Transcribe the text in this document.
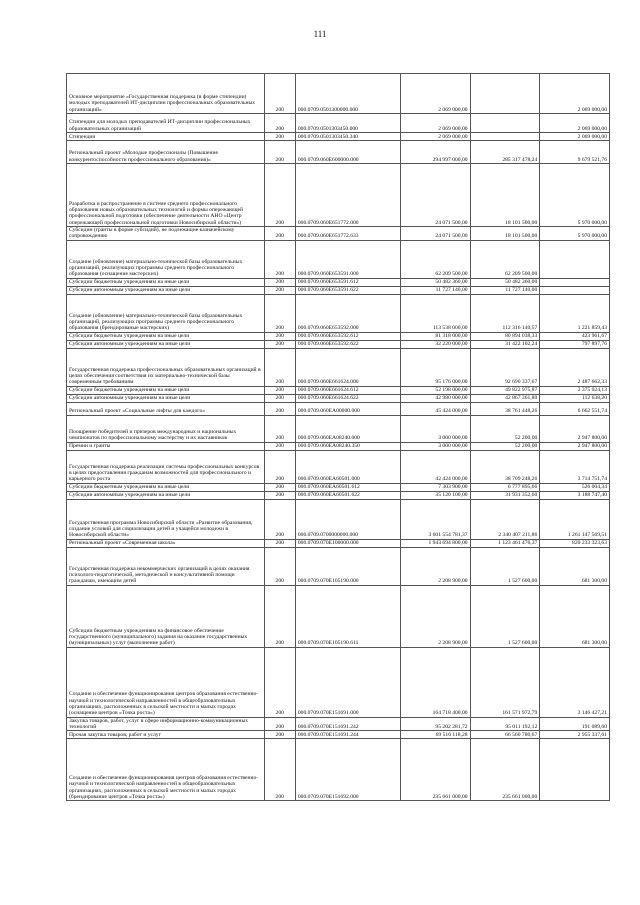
111
Основное мероприятие «Государственная поддержка (в форме стипендии) молодых преподавателей ИТ-дисциплин профессиональных образовательных организаций»	200	000.0709.0501300000.000	2 069 000,00		2 069 000,00
Стипендии для молодых преподавателей ИТ-дисциплин профессиональных образовательных организаций	200	000.0709.0501303450.000	2 069 000,00		2 069 000,00
Стипендии	200	000.0709.0501303450.340	2 069 000,00		2 069 000,00
Региональный проект «Молодые профессионалы (Повышение конкурентоспособности профессионального образования)»	200	000.0709.060E600000.000	294 997 000,00	285 317 478,24	9 679 521,76
Разработка и распространение в системе среднего профессионального образования новых образовательных технологий и формы опережающей профессиональной подготовки (обеспечение деятельности АНО «Центр опережающей профессиональной подготовки Новосибирской области»)	200	000.0709.060E651772.000	24 071 500,00	18 101 500,00	5 970 000,00
Субсидии (гранты в форме субсидий), не подлежащие казначейскому сопровождению	200	000.0709.060E651772.633	24 071 500,00	18 101 500,00	5 970 000,00
Создание (обновление) материально-технической базы образовательных организаций, реализующих программы среднего профессионального образования (оснащение мастерских)	200	000.0709.060E653591.000	62 209 500,00	62 209 500,00	
Субсидии бюджетным учреждениям на иные цели	200	000.0709.060E653591.612	50 482 360,00	50 482 360,00	
Субсидии автономным учреждениям на иные цели	200	000.0709.060E653591.622	11 727 140,00	11 727 140,00	
Создание (обновление) материально-технической базы образовательных организаций, реализующих программы среднего профессионального образования (брендированые мастерских)	200	000.0709.060E653592.000	113 538 000,00	112 316 140,57	1 221 859,43
Субсидии бюджетным учреждениям на иные цели	200	000.0709.060E653592.612	81 318 000,00	80 894 038,33	423 961,67
Субсидии автономным учреждениям на иные цели	200	000.0709.060E653592.622	32 220 000,00	31 422 102,24	797 897,76
Государственная поддержка профессиональных образовательных организаций в целях обеспечения соответствия их материально-технической базы современным требованиям	200	000.0709.060E661624.000	95 176 000,00	92 690 337,67	2 487 662,33
Субсидии бюджетным учреждениям на иные цели	200	000.0709.060E661624.612	52 198 000,00	49 822 975,87	2 375 024,13
Субсидии автономным учреждениям на иные цели	200	000.0709.060E661624.622	42 980 000,00	42 867 361,80	112 638,20
Региональный проект «Социальные лифты для каждого»	200	000.0709.060EA00000.000	45 424 000,00	38 761 448,26	6 662 551,74
Поощрение победителей и призеров международных и национальных чемпионатов по профессиональному мастерству и их наставников	200	000.0709.060EA08240.000	3 000 000,00	52 200,00	2 947 800,00
Премии и гранты	200	000.0709.060EA08240.350	3 000 000,00	52 200,00	2 947 800,00
Государственная поддержка реализации системы профессиональных конкурсов в целях предоставления гражданам возможностей для профессионального и карьерного роста	200	000.0709.060EA60501.000	42 424 000,00	38 709 248,26	3 714 751,74
Субсидии бюджетным учреждениям на иные цели	200	000.0709.060EA60501.612	7 303 900,00	6 777 895,66	526 004,34
Субсидии автономным учреждениям на иные цели	200	000.0709.060EA60501.622	35 120 100,00	31 931 352,60	3 188 747,40
Государственная программа Новосибирской области «Развитие образования, создание условий для социализации детей и учащейся молодежи в Новосибирской области»	200	000.0709.0700000000.000	3 601 554 781,37	2 340 407 211,86	1 261 147 569,51
Региональный проект «Современная школа»	200	000.0709.070E100000.000	1 943 694 800,00	1 123 461 476,37	820 233 323,63
Государственная поддержка некоммерческих организаций в целях оказания психолого-педагогической, методической и консультативной помощи гражданам, имеющим детей	200	000.0709.070E105190.000	2 208 900,00	1 527 600,00	681 300,00
Субсидии бюджетным учреждениям на финансовое обеспечение государственного (муниципального) задания на оказание государственных (муниципальных) услуг (выполнение работ)	200	000.0709.070E105190.611	2 208 900,00	1 527 600,00	681 300,00
Создание и обеспечение функционирования центров образования естественно-научной и технологической направленностей в общеобразовательных организациях, расположенных в сельской местности и малых городах (оснащение центров «Точка роста»)	200	000.0709.070E151691.000	164 718 400,00	161 571 972,79	3 146 427,21
Закупка товаров, работ, услуг в сфере информационно-коммуникационных технологий	200	000.0709.070E151691.242	95 202 281,72	95 011 192,12	191 089,60
Прочая закупка товаров, работ и услуг	200	000.0709.070E151691.244	69 516 118,28	66 560 780,67	2 955 337,61
Создание и обеспечение функционирования центров образования естественно-научной и технологической направленностей в общеобразовательных организациях, расположенных в сельской местности и малых городах (брендирование центров «Точка роста»)	200	000.0709.070E151692.000	235 661 000,00	235 661 000,00	
